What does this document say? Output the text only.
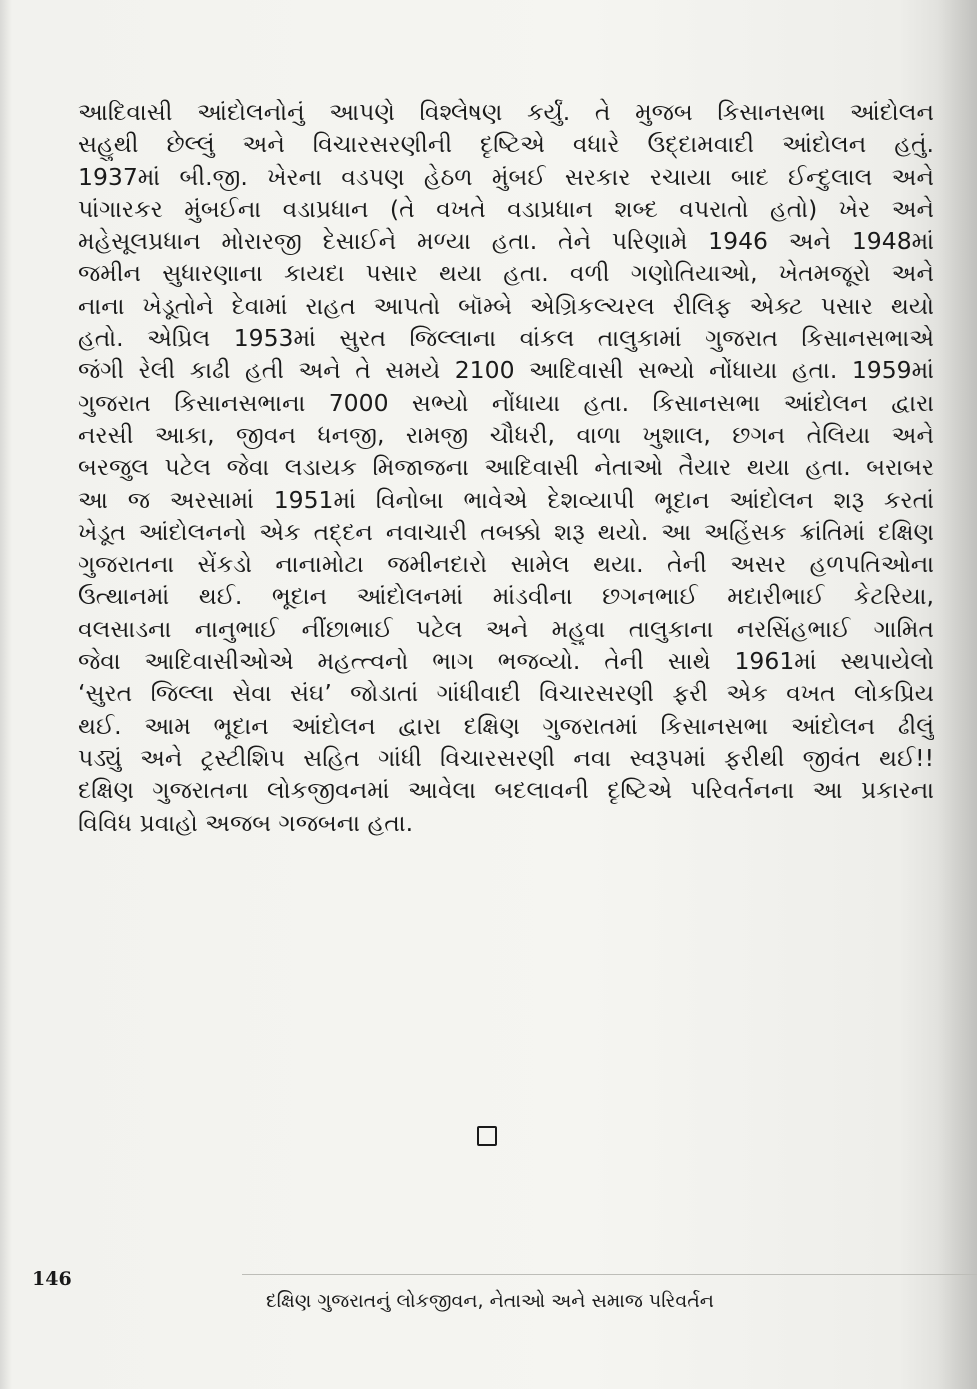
આદિવાસી આંદોલનોનું આપણે વિશ્લેષણ કર્યું. તે મુજબ કિસાનસભા આંદોલન
સહુથી છેલ્લું અને વિચારસરણીની દૃષ્ટિએ વધારે ઉદ્દામવાદી આંદોલન હતું.
1937માં બી.જી. ખેરના વડપણ હેઠળ મુંબઈ સરકાર રચાયા બાદ ઈન્દુલાલ અને
પાંગારકર મુંબઈના વડાપ્રધાન (તે વખતે વડાપ્રધાન શબ્દ વપરાતો હતો) ખેર અને
મહેસૂલપ્રધાન મોરારજી દેસાઈને મળ્યા હતા. તેને પરિણામે 1946 અને 1948માં
જમીન સુધારણાના કાયદા પસાર થયા હતા. વળી ગણોતિયાઓ, ખેતમજૂરો અને
નાના ખેડૂતોને દેવામાં રાહત આપતો બૉમ્બે એગ્રિકલ્ચરલ રીલિફ એક્ટ પસાર થયો
હતો. એપ્રિલ 1953માં સુરત જિલ્લાના વાંકલ તાલુકામાં ગુજરાત કિસાનસભાએ
જંગી રેલી કાઢી હતી અને તે સમયે 2100 આદિવાસી સભ્યો નોંધાયા હતા. 1959માં
ગુજરાત કિસાનસભાના 7000 સભ્યો નોંધાયા હતા. કિસાનસભા આંદોલન દ્વારા
નરસી આકા, જીવન ધનજી, રામજી ચૌધરી, વાળા ખુશાલ, છગન તેલિયા અને
બરજુલ પટેલ જેવા લડાયક મિજાજના આદિવાસી નેતાઓ તૈયાર થયા હતા. બરાબર
આ જ અરસામાં 1951માં વિનોબા ભાવેએ દેશવ્યાપી ભૂદાન આંદોલન શરૂ કરતાં
ખેડૂત આંદોલનનો એક તદ્દન નવાચારી તબક્કો શરૂ થયો. આ અહિંસક ક્રાંતિમાં દક્ષિણ
ગુજરાતના સેંકડો નાનામોટા જમીનદારો સામેલ થયા. તેની અસર હળપતિઓના
ઉત્થાનમાં થઈ. ભૂદાન આંદોલનમાં માંડવીના છગનભાઈ મદારીભાઈ કેટરિયા,
વલસાડના નાનુભાઈ નીંછાભાઈ પટેલ અને મહુવા તાલુકાના નરસિંહભાઈ ગામિત
જેવા આદિવાસીઓએ મહત્ત્વનો ભાગ ભજવ્યો. તેની સાથે 1961માં સ્થપાયેલો
‘સુરત જિલ્લા સેવા સંઘ’ જોડાતાં ગાંધીવાદી વિચારસરણી ફરી એક વખત લોકપ્રિય
થઈ. આમ ભૂદાન આંદોલન દ્વારા દક્ષિણ ગુજરાતમાં કિસાનસભા આંદોલન ઢીલું
પડ્યું અને ટ્રસ્ટીશિપ સહિત ગાંધી વિચારસરણી નવા સ્વરૂપમાં ફરીથી જીવંત થઈ!!
દક્ષિણ ગુજરાતના લોકજીવનમાં આવેલા બદલાવની દૃષ્ટિએ પરિવર્તનના આ પ્રકારના
વિવિધ પ્રવાહો અજબ ગજબના હતા.

146
દક્ષિણ ગુજરાતનું લોકજીવન, નેતાઓ અને સમાજ પરિવર્તન
